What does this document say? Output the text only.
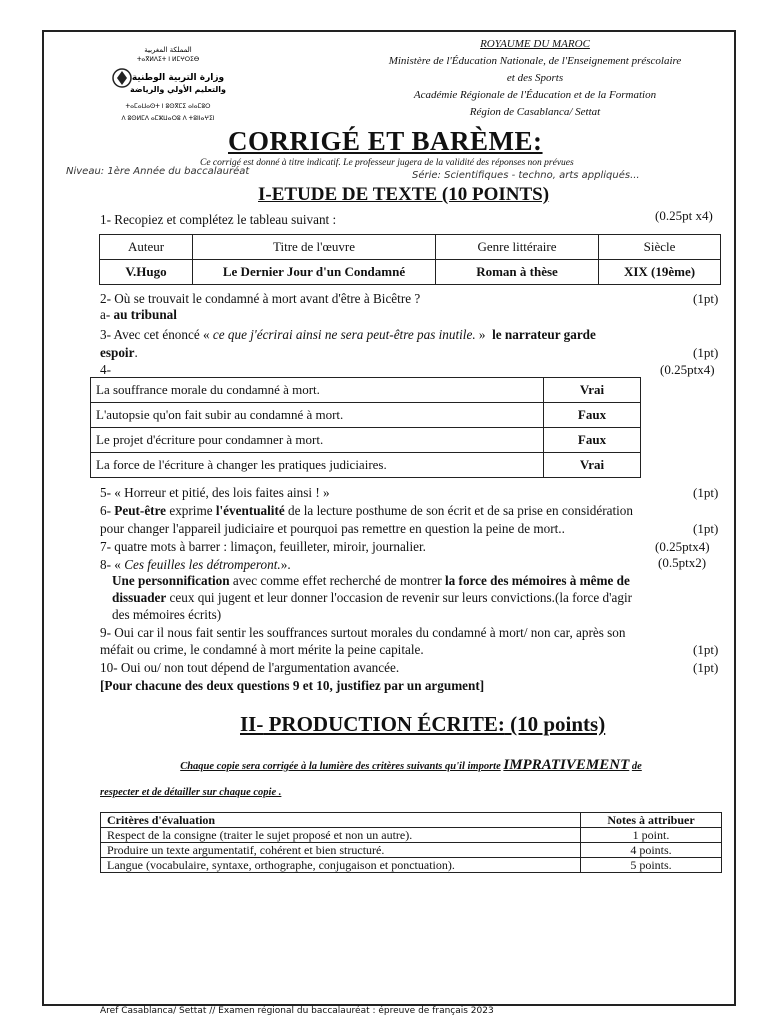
المملكة المغربية
ⵜⴰⴳⵍⴷⵉⵜ ⵏ ⵍⵎⵖⵔⵉⴱ
وزارة التربية الوطنية
والتعليم الأولي والرياضة
ⵜⴰⵎⴰⵡⴰⵙⵜ ⵏ ⵓⵙⴳⵎⵉ ⴰⵏⴰⵎⵓⵔ
ⴷ ⵓⵙⵍⵎⴷ ⴰⵎⵣⵡⴰⵔⵓ ⴷ ⵜⵓⵏⵏⴰⵖⵉⵏ
ROYAUME DU MAROC
Ministère de l'Éducation Nationale, de l'Enseignement préscolaire
et des Sports
Académie Régionale de l'Éducation et de la Formation
Région de Casablanca/ Settat
CORRIGÉ ET BARÈME:
Ce corrigé est donné à titre indicatif. Le professeur jugera de la validité des réponses non prévues
Niveau: 1ère Année du baccalauréat	Série: Scientifiques - techno, arts appliqués...
I-ETUDE DE TEXTE (10 POINTS)
1- Recopiez et complétez le tableau suivant :	(0.25pt x4)
Auteur	Titre de l'œuvre	Genre littéraire	Siècle
V.Hugo	Le Dernier Jour d'un Condamné	Roman à thèse	XIX (19ème)
2- Où se trouvait le condamné à mort avant d'être à Bicêtre ?	(1pt)
a- au tribunal
3- Avec cet énoncé « ce que j'écrirai ainsi ne sera peut-être pas inutile. » le narrateur garde
espoir.	(1pt)
4-	(0.25ptx4)
La souffrance morale du condamné à mort.	Vrai
L'autopsie qu'on fait subir au condamné à mort.	Faux
Le projet d'écriture pour condamner à mort.	Faux
La force de l'écriture à changer les pratiques judiciaires.	Vrai
5- « Horreur et pitié, des lois faites ainsi ! »	(1pt)
6- Peut-être exprime l'éventualité de la lecture posthume de son écrit et de sa prise en considération
pour changer l'appareil judiciaire et pourquoi pas remettre en question la peine de mort..	(1pt)
7- quatre mots à barrer : limaçon, feuilleter, miroir, journalier.	(0.25ptx4)
8- « Ces feuilles les détromperont.».	(0.5ptx2)
Une personnification avec comme effet recherché de montrer la force des mémoires à même de
dissuader ceux qui jugent et leur donner l'occasion de revenir sur leurs convictions.(la force d'agir
des mémoires écrits)
9- Oui car il nous fait sentir les souffrances surtout morales du condamné à mort/ non car, après son
méfait ou crime, le condamné à mort mérite la peine capitale.	(1pt)
10- Oui ou/ non tout dépend de l'argumentation avancée.	(1pt)
[Pour chacune des deux questions 9 et 10, justifiez par un argument]
II- PRODUCTION ÉCRITE: (10 points)
Chaque copie sera corrigée à la lumière des critères suivants qu'il importe IMPRATIVEMENT de
respecter et de détailler sur chaque copie .
Critères d'évaluation	Notes à attribuer
Respect de la consigne (traiter le sujet proposé et non un autre).	1 point.
Produire un texte argumentatif, cohérent et bien structuré.	4 points.
Langue (vocabulaire, syntaxe, orthographe, conjugaison et ponctuation).	5 points.
Aref Casablanca/ Settat // Examen régional du baccalauréat : épreuve de français 2023
